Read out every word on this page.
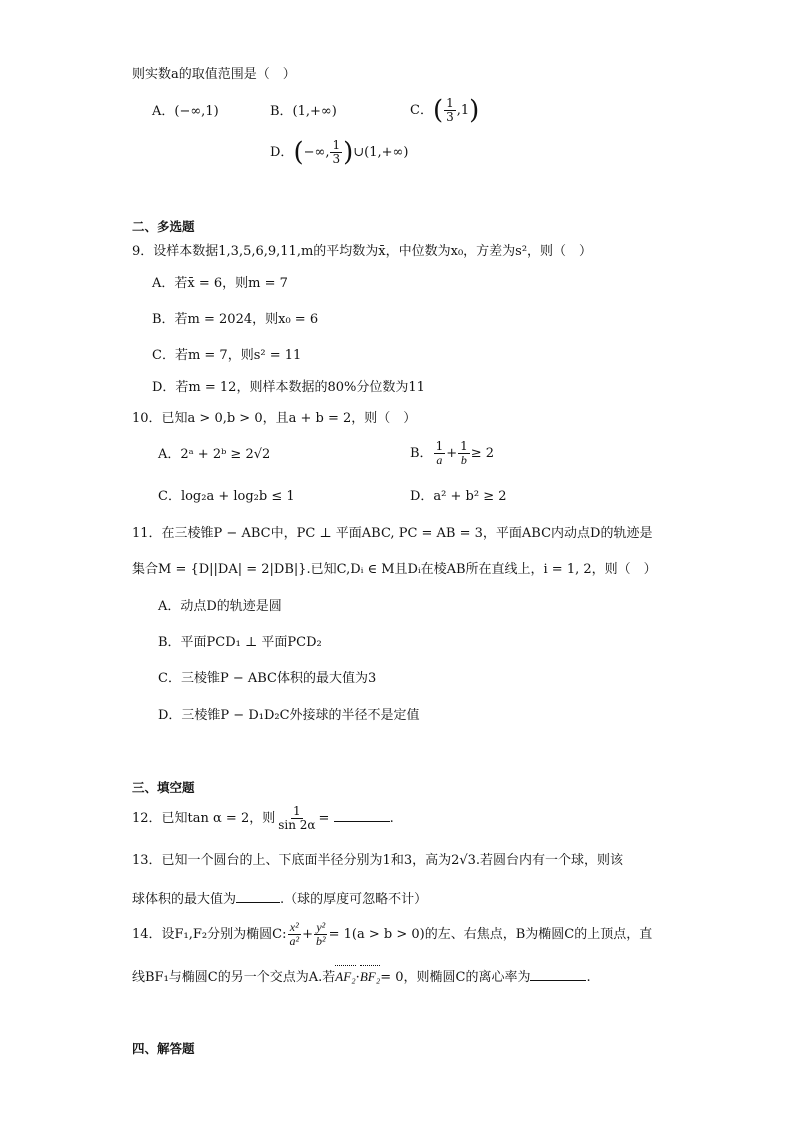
则实数a的取值范围是（　）
A．(−∞,1)	B．(1,+∞)	C．( $\frac{1}{3} ,1$)
D．(−∞, $\frac{1}{3}$ )∪(1,+∞)
二、多选题
9．设样本数据1,3,5,6,9,11,m的平均数为x̄，中位数为x₀，方差为s²，则（　）
A．若x̄ = 6，则m = 7
B．若m = 2024，则x₀ = 6
C．若m = 7，则s² = 11
D．若m = 12，则样本数据的80%分位数为11
10．已知a > 0,b > 0，且a + b = 2，则（　）
A．2ᵃ + 2ᵇ ≥ 2√2	B． $\frac{1}{a} + \frac{1}{b} \ge 2$
C．log₂a + log₂b ≤ 1	D．a² + b² ≥ 2
11．在三棱锥P − ABC中，PC ⊥ 平面ABC, PC = AB = 3，平面ABC内动点D的轨迹是
集合M = {D||DA| = 2|DB|}.已知C,Dᵢ ∈ M且Dᵢ在棱AB所在直线上，i = 1, 2，则（　）
A．动点D的轨迹是圆
B．平面PCD₁ ⊥ 平面PCD₂
C．三棱锥P − ABC体积的最大值为3
D．三棱锥P − D₁D₂C外接球的半径不是定值
三、填空题
12．已知tan α = 2，则 $\frac{1}{\sin 2\alpha}$ =	.
13．已知一个圆台的上、下底面半径分别为1和3，高为2√3.若圆台内有一个球，则该
球体积的最大值为	.（球的厚度可忽略不计）
14．设F₁,F₂分别为椭圆C: $\frac{\text{x²}}{\text{a²}} + \frac{\text{y²}}{\text{b²}} = 1(a > b > 0)$的左、右焦点，B为椭圆C的上顶点，直
线BF₁与椭圆C的另一个交点为A.若AF₂·BF₂= 0，则椭圆C的离心率为	.
四、解答题
